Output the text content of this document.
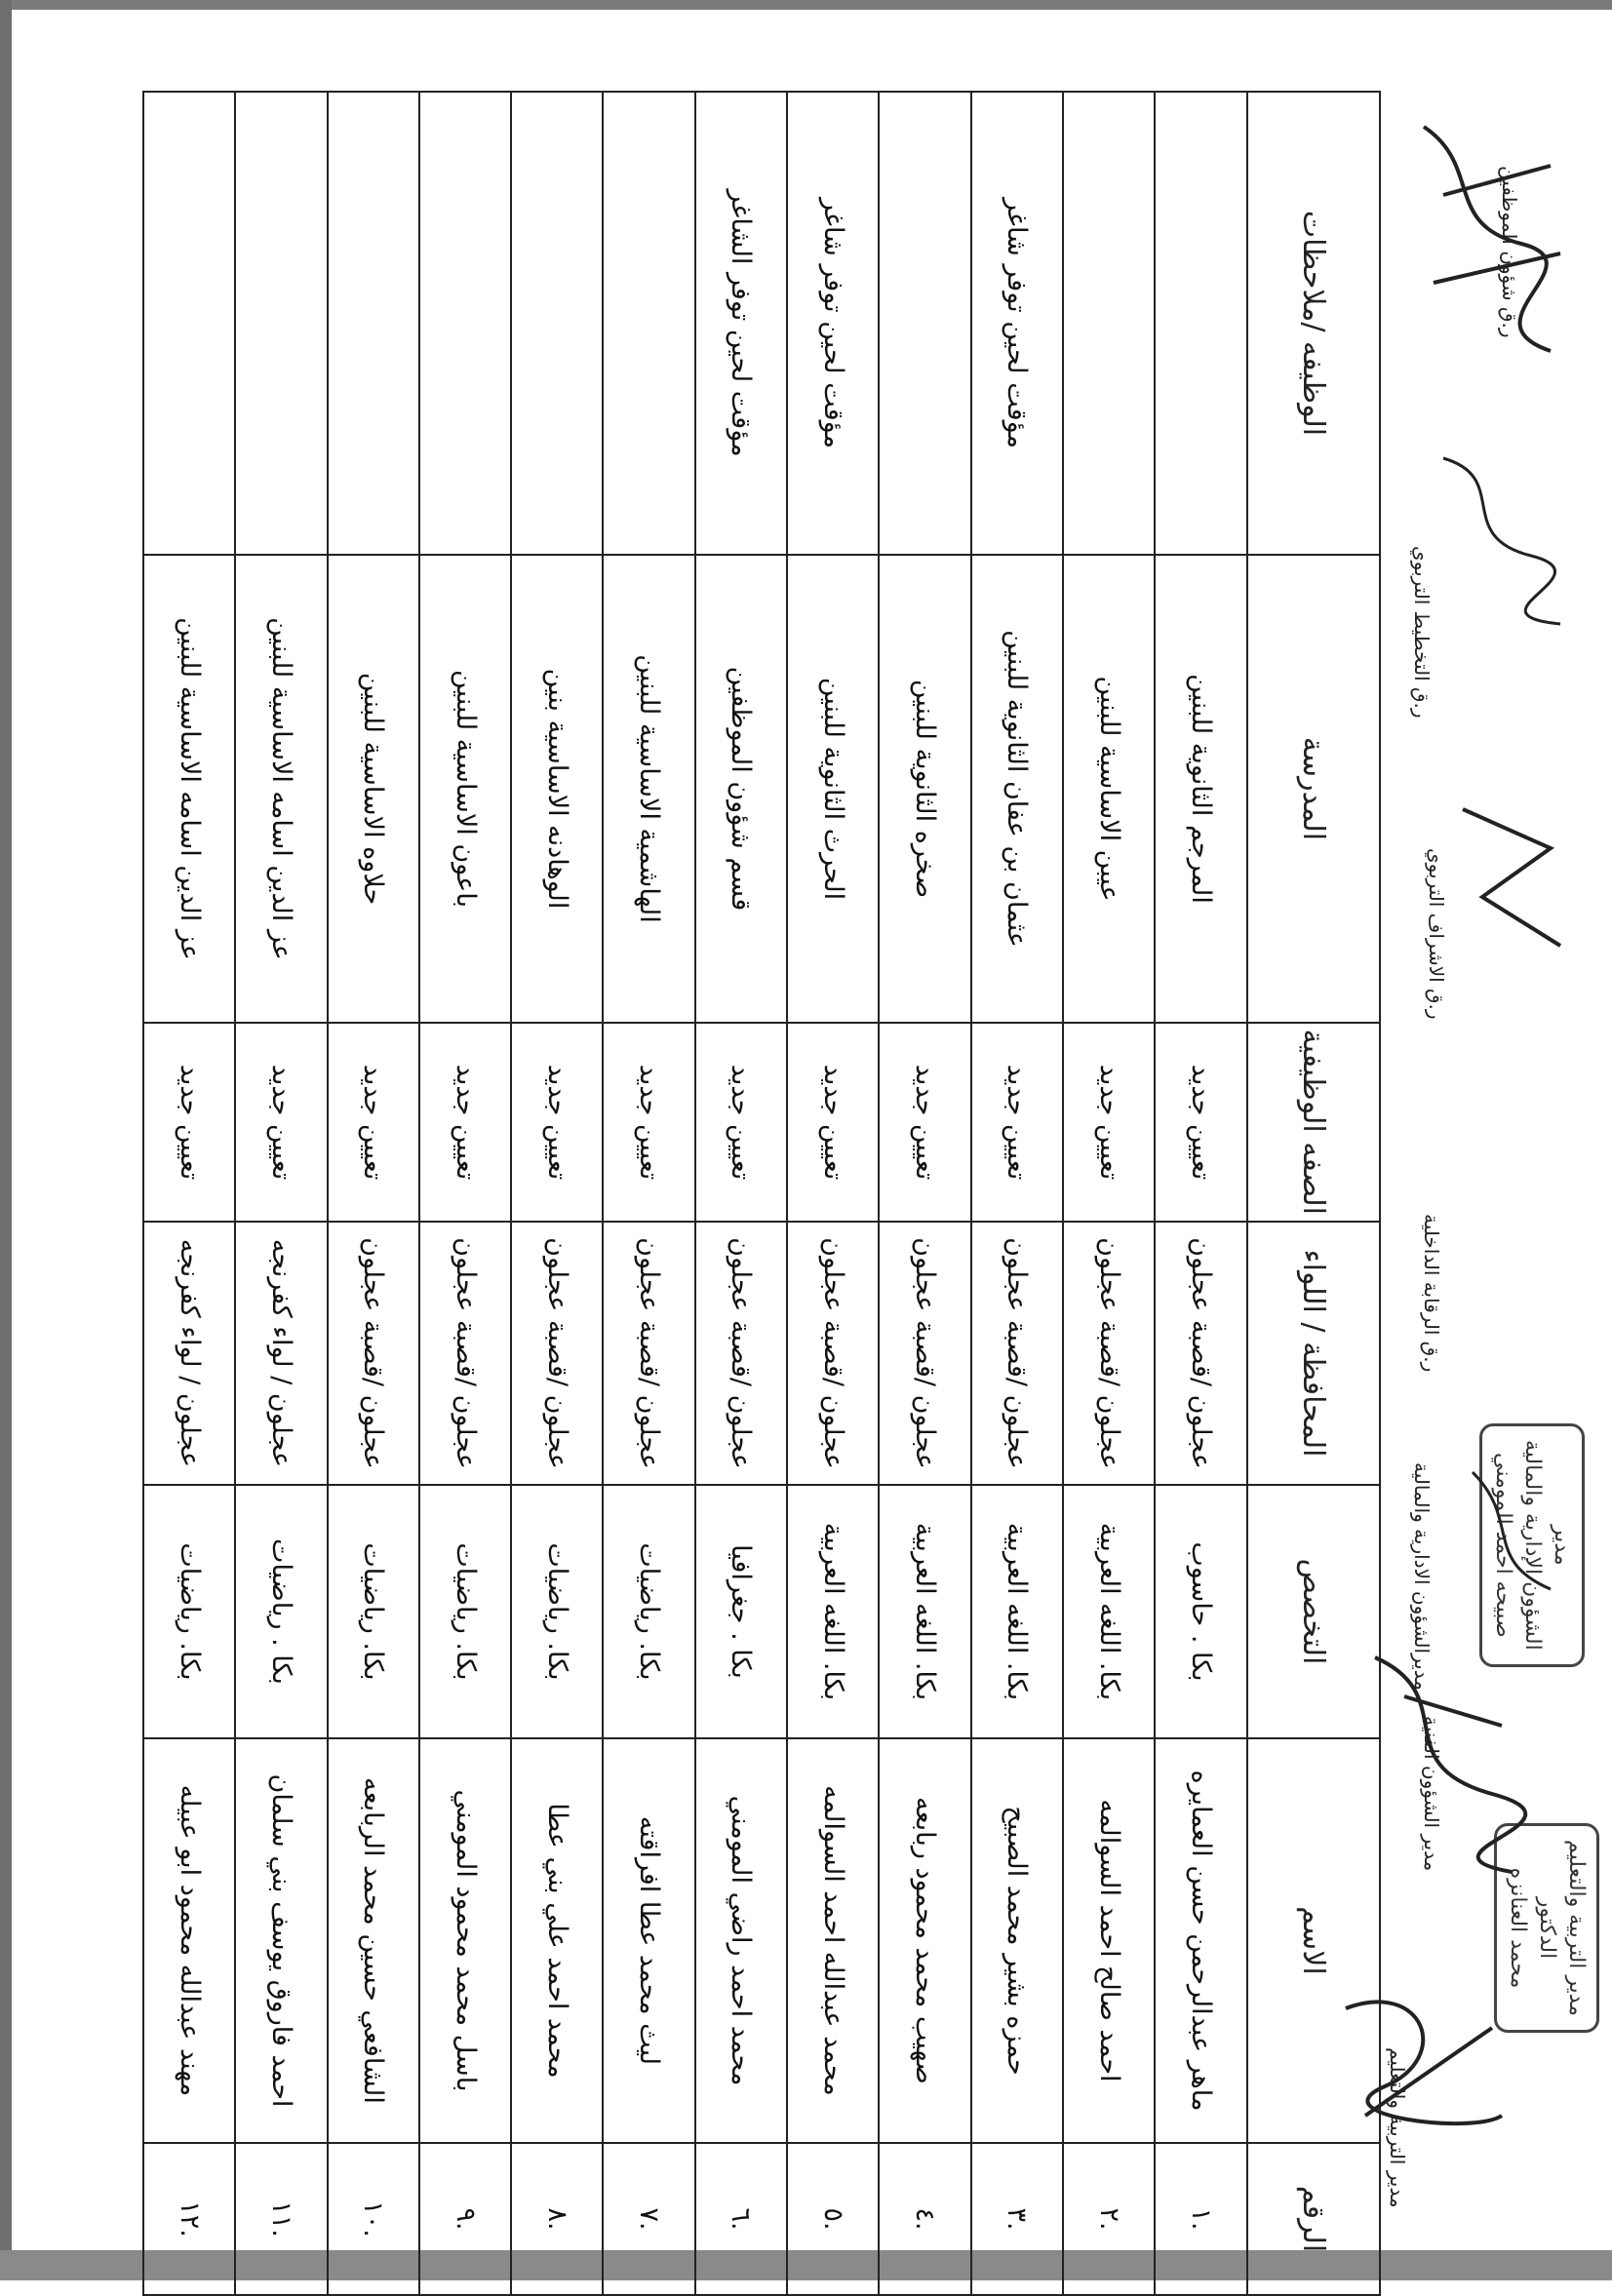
الرقم	الاسم	التخصص	المحافظة / اللواء	الصفه الوظيفية	المدرسة	الوظيفه /ملاحظات
.١	ماهر عبدالرحمن حسن العمايره	بكا . حاسوب	عجلون /قصبة عجلون	تعيين جديد	المرجم الثانوية للبنين	
.٢	احمد صالح احمد السوالمه	بكا. اللغه العربية	عجلون /قصبة عجلون	تعيين جديد	عيبن الاساسية للبنين	
.٣	حمزه بشير محمد الصبيح	بكا. اللغه العربية	عجلون /قصبة عجلون	تعيين جديد	عثمان بن عفان الثانوية للبنين	مؤقت لحين توفر شاغر
.٤	صهيب محمد محمود ربابعه	بكا. اللغه العربية	عجلون /قصبة عجلون	تعيين جديد	صخره الثانوية للبنين	
.٥	محمد عبدالله احمد السوالمه	بكا. اللغه العربية	عجلون /قصبة عجلون	تعيين جديد	الحرث الثانوية للبنين	مؤقت لحين توفر شاغر
.٦	محمد احمد راضي المومني	بكا . جغرافيا	عجلون /قصبة عجلون	تعيين جديد	قسم شؤون الموظفين	مؤقت لحين توفر الشاغر
.٧	ليث محمد عطا افراقته	بكا. رياضيات	عجلون /قصبة عجلون	تعيين جديد	الهاشمية الاساسية للبنين	
.٨	محمد احمد علي بني عطا	بكا. رياضيات	عجلون /قصبة عجلون	تعيين جديد	الوهادنه الاساسية بنين	
.٩	باسل محمد محمود المومني	بكا. رياضيات	عجلون /قصبة عجلون	تعيين جديد	باعون الاساسية للبنين	
.١٠	الشافعي حسين محمد الربابعه	بكا. رياضيات	عجلون /قصبة عجلون	تعيين جديد	حلاوه الاساسية للبنين	
.١١	احمد فاروق يوسف بني سلمان	بكا . رياضيات	عجلون / لواء كفرنجه	تعيين جديد	عز الدين اسامه الاساسية للبنين	
.١٢	مهند عبدالله محمود ابو عبيله	بكا. رياضيات	عجلون / لواء كفرنجه	تعيين جديد	عز الدين اسامه الاساسية للبنين	
ر.ق شؤون الموظفين
ر.ق التخطيط التربوي
ر.ق الاشراف التربوي
ر.ق الرقابة الداخلية
مديرالشؤون الادارية والمالية
مدير الشؤون الفنية
مدير التربية والتعليم
مدير
الشؤون الإدارية والمالية
صبيحه احمد المومني
مدير التربية والتعليم
الدكتور
محمد العنانزه
